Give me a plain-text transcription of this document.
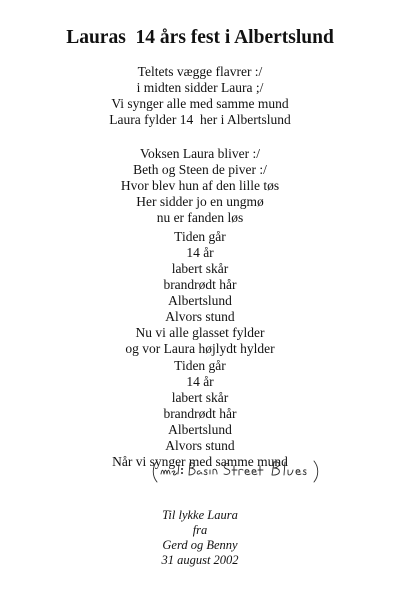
Lauras  14 års fest i Albertslund
Teltets vægge flavrer :/
i midten sidder Laura ;/
Vi synger alle med samme mund
Laura fylder 14  her i Albertslund
Voksen Laura bliver :/
Beth og Steen de piver :/
Hvor blev hun af den lille tøs
Her sidder jo en ungmø
nu er fanden løs
Tiden går
14 år
labert skår
brandrødt hår
Albertslund
Alvors stund
Nu vi alle glasset fylder
og vor Laura højlydt hylder
Tiden går
14 år
labert skår
brandrødt hår
Albertslund
Alvors stund
Når vi synger med samme mund
Til lykke Laura
fra
Gerd og Benny
31 august 2002
